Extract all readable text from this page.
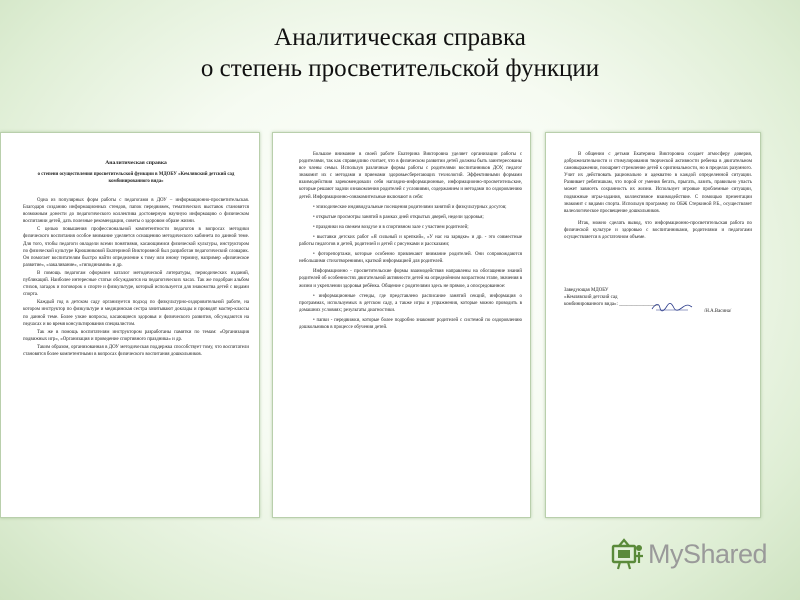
Аналитическая справка
о степень просветительской функции
Аналитическая справка
о степени осуществления просветительской функции в МДОБУ «Кемлявский детский сад комбинированного вида»

Одна из популярных форм работы с педагогами в ДОУ – информационно-просветительская. Благодаря созданию информационных стендов, папок передвижек, тематических выставок становится возможным донести до педагогического коллектива достоверную научную информацию о физическом воспитании детей, дать полезные рекомендации, советы о здоровом образе жизни.

С целью повышения профессиональной компетентности педагогов в вопросах методики физического воспитания особое внимание уделяется оснащению методического кабинета по данной теме. Для того, чтобы педагоги овладели всеми понятиями, касающимися физической культуры, инструктором по физической культуре Крюшниковой Екатериной Викторовной был разработан педагогический словарик. Он помогает воспитателям быстро найти определение к тому или иному термину, например «физическое развитие», «закаливание», «гиподинамия» и др.

В помощь педагогам оформлен каталог методической литературы, периодических изданий, публикаций. Наиболее интересные статьи обсуждаются на педагогических часах. Так же подобран альбом стихов, загадок и поговорок о спорте и физкультуре, который используется для знакомства детей с видами спорта.

Каждый год в детском саду организуется подход по физкультурно-оздоровительной работе, на котором инструктор по физкультуре и медицинская сестра зачитывают доклады и проводят мастер-классы по данной теме. Более узкие вопросы, касающиеся здоровья и физического развития, обсуждаются на педчасах и во время консультирования специалистом.

Так же в помощь воспитателям инструктором разработаны памятки по темам: «Организация подвижных игр», «Организация и проведение спортивного праздника» и др.

Таким образом, организованная в ДОУ методическая поддержка способствует тому, что воспитатели становятся более компетентными в вопросах физического воспитания дошкольников.

Большое внимание в своей работе Екатерина Викторовна уделяет организации работы с родителями, так как справедливо считает, что в физическом развитии детей должны быть заинтересованы все члены семьи. Используя различные формы работы с родителями воспитанников ДОУ, педагог знакомит их с методами и приемами здоровьесберегающих технологий. Эффективными формами взаимодействия зарекомендовали себя наглядно-информационные, информационно-просветительские, которые решают задачи ознакомления родителей с условиями, содержанием и методами по оздоровлению детей. Информационно-ознакомительные включают в себя:

• эпизодические индивидуальные посещения родителями занятий и физкультурных досугов;

• открытые просмотры занятий в рамках дней открытых дверей, недели здоровья;

• праздники на свежем воздухе и в спортивном зале с участием родителей;

• выставки детских работ «Я сильный и крепкий», «У нас на зарядке» и др. - это совместные работы педагогов и детей, родителей и детей с рисунками и рассказами;

• фоторепортажи, которые особенно привлекают внимание родителей. Они сопровождаются небольшими стихотворениями, краткой информацией для родителей.

Информационно - просветительские формы взаимодействия направлены на обогащение знаний родителей об особенностях двигательной активности детей на определённом возрастном этапе, значения в жизни и укреплении здоровья ребёнка. Общение с родителями здесь не прямое, а опосредованное:

• информационные стенды, где представлено расписание занятий секций, информация о программах, используемых в детском саду, а также игры и упражнения, которые можно проводить в домашних условиях; результаты диагностики.

• папки - передвижки, которые более подробно знакомят родителей с системой по оздоровлению дошкольников в процессе обучения детей.

В общении с детьми Екатерина Викторовна создает атмосферу доверия, доброжелательности и стимулирования творческой активности ребенка в двигательном самовыражении, поощряет стремление детей к оригинальности, но в пределах разумного. Учит их действовать рационально и адекватно в каждой определенной ситуации. Развивает ребятишкам, что порой от умения бегать, прыгать, лазить, правильно упасть может зависеть сохранность их жизни. Использует игровые проблемные ситуации, подвижные игры-задания, коллективное взаимодействие. С помощью презентации знакомит с видами спорта. Используя программу по ОБЖ Стеркиной Р.Б., осуществляет валеологическое просвещение дошкольников.

Итак, можно сделать вывод, что информационно-просветительская работа по физической культуре и здоровью с воспитанниками, родителями и педагогами осуществляется в достаточном объеме.

Заведующая МДОБУ
«Кемлявский детский сад
комбинированного вида»: ________________
/Н.А.Васина/
MyShared
